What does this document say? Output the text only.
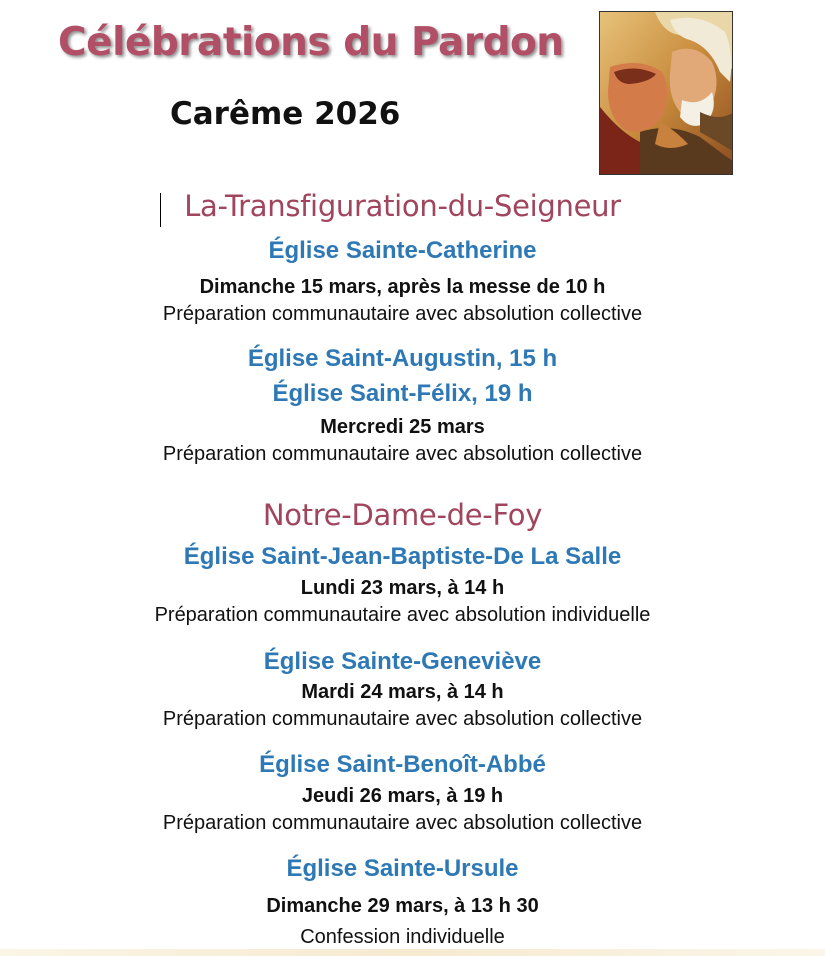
Célébrations du Pardon
Carême 2026
La-Transfiguration-du-Seigneur
Église Sainte-Catherine
Dimanche 15 mars, après la messe de 10 h
Préparation communautaire avec absolution collective
Église Saint-Augustin, 15 h
Église Saint-Félix, 19 h
Mercredi 25 mars
Préparation communautaire avec absolution collective
Notre-Dame-de-Foy
Église Saint-Jean-Baptiste-De La Salle
Lundi 23 mars, à 14 h
Préparation communautaire avec absolution individuelle
Église Sainte-Geneviève
Mardi 24 mars, à 14 h
Préparation communautaire avec absolution collective
Église Saint-Benoît-Abbé
Jeudi 26 mars, à 19 h
Préparation communautaire avec absolution collective
Église Sainte-Ursule
Dimanche 29 mars, à 13 h 30
Confession individuelle
